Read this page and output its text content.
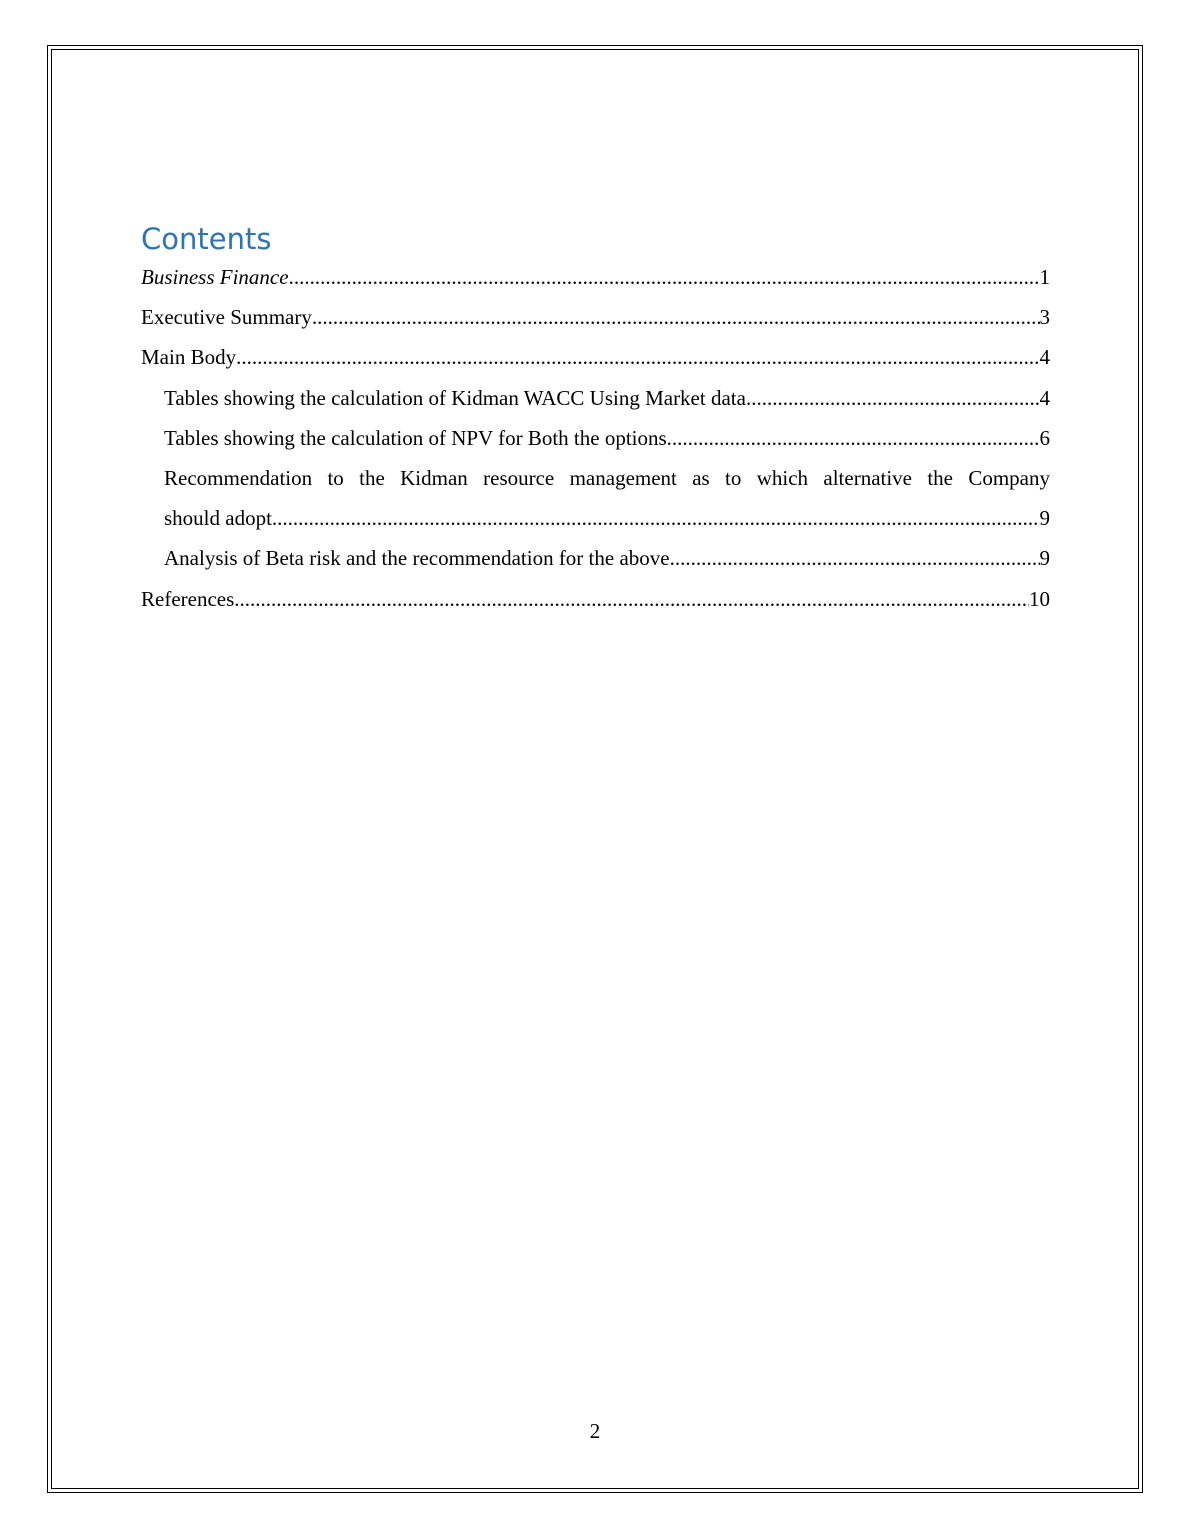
Contents
Business Finance .....	1
Executive Summary .....	3
Main Body .....	4
Tables showing the calculation of Kidman WACC Using Market data .....	4
Tables showing the calculation of NPV for Both the options .....	6
Recommendation to the Kidman resource management as to which alternative the Company
should adopt .....	9
Analysis of Beta risk and the recommendation for the above .....	9
References .....	10
2
